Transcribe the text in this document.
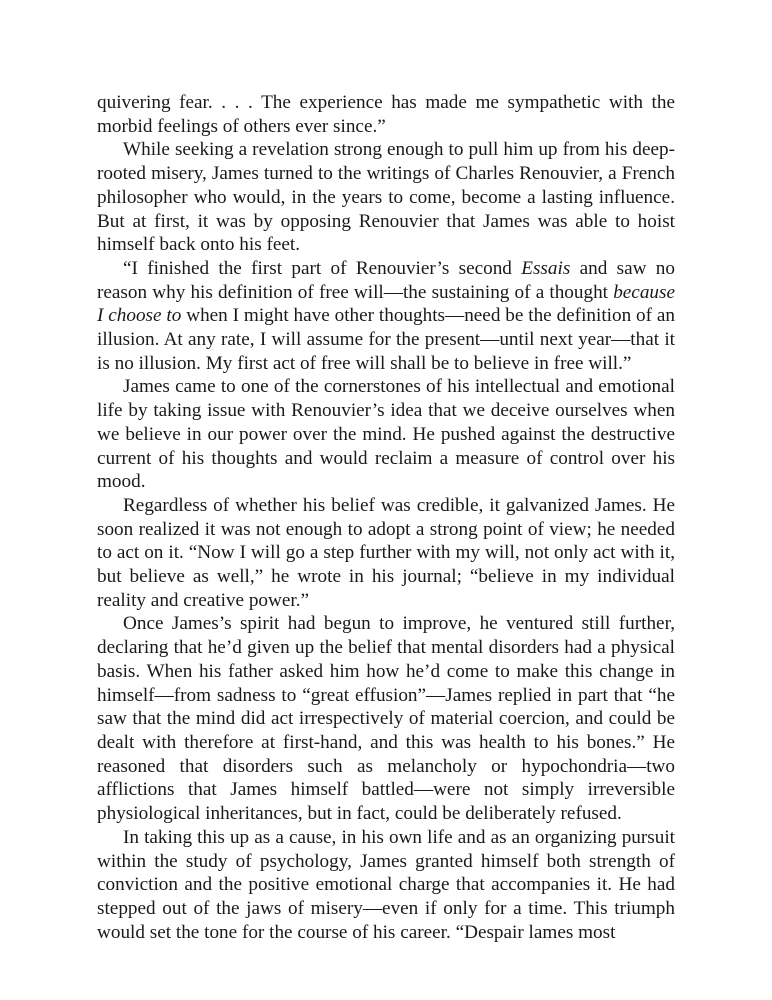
quivering fear. . . . The experience has made me sympathetic with the morbid feelings of others ever since.”

While seeking a revelation strong enough to pull him up from his deep-rooted misery, James turned to the writings of Charles Renouvier, a French philosopher who would, in the years to come, become a lasting influence. But at first, it was by opposing Renouvier that James was able to hoist himself back onto his feet.

“I finished the first part of Renouvier’s second Essais and saw no reason why his definition of free will—the sustaining of a thought because I choose to when I might have other thoughts—need be the definition of an illusion. At any rate, I will assume for the present—until next year—that it is no illusion. My first act of free will shall be to believe in free will.”

James came to one of the cornerstones of his intellectual and emotional life by taking issue with Renouvier’s idea that we deceive ourselves when we believe in our power over the mind. He pushed against the destructive current of his thoughts and would reclaim a measure of control over his mood.

Regardless of whether his belief was credible, it galvanized James. He soon realized it was not enough to adopt a strong point of view; he needed to act on it. “Now I will go a step further with my will, not only act with it, but believe as well,” he wrote in his journal; “believe in my individual reality and creative power.”

Once James’s spirit had begun to improve, he ventured still further, declaring that he’d given up the belief that mental disorders had a physical basis. When his father asked him how he’d come to make this change in himself—from sadness to “great effusion”—James replied in part that “he saw that the mind did act irrespectively of material coercion, and could be dealt with therefore at first-hand, and this was health to his bones.” He reasoned that disorders such as melancholy or hypochondria—two afflictions that James himself battled—were not simply irreversible physiological inheritances, but in fact, could be deliberately refused.

In taking this up as a cause, in his own life and as an organizing pursuit within the study of psychology, James granted himself both strength of conviction and the positive emotional charge that accompanies it. He had stepped out of the jaws of misery—even if only for a time. This triumph would set the tone for the course of his career. “Despair lames most
